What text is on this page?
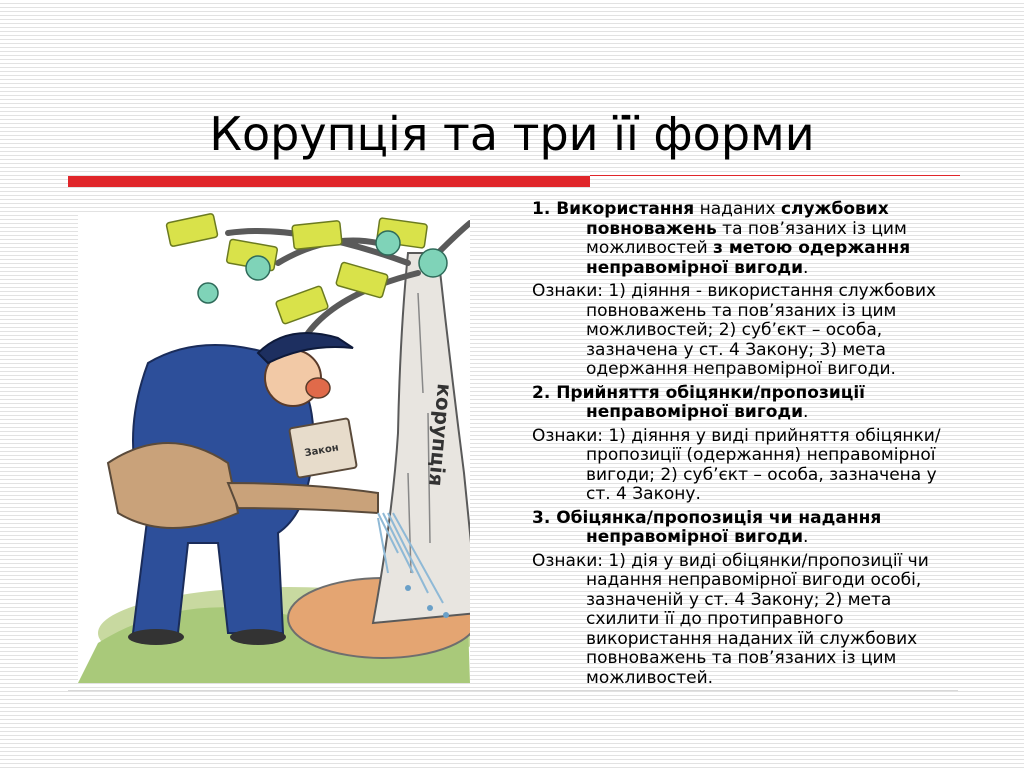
Корупція та три її форми
корупція
Закон

1. Використання наданих службових повноважень та пов’язаних із цим можливостей з метою одержання неправомірної вигоди.

Ознаки: 1) діяння - використання службових повноважень та пов’язаних із цим можливостей; 2) суб’єкт – особа, зазначена у ст. 4 Закону; 3) мета одержання неправомірної вигоди.

2. Прийняття обіцянки/пропозиції неправомірної вигоди.

Ознаки: 1) діяння у виді прийняття обіцянки/пропозиції (одержання) неправомірної вигоди; 2) суб’єкт – особа, зазначена у ст. 4 Закону.

3. Обіцянка/пропозиція чи надання неправомірної вигоди.

Ознаки: 1) дія у виді обіцянки/пропозиції чи надання неправомірної вигоди особі, зазначеній у ст. 4 Закону; 2) мета схилити її до протиправного використання наданих їй службових повноважень та пов’язаних із цим можливостей.
